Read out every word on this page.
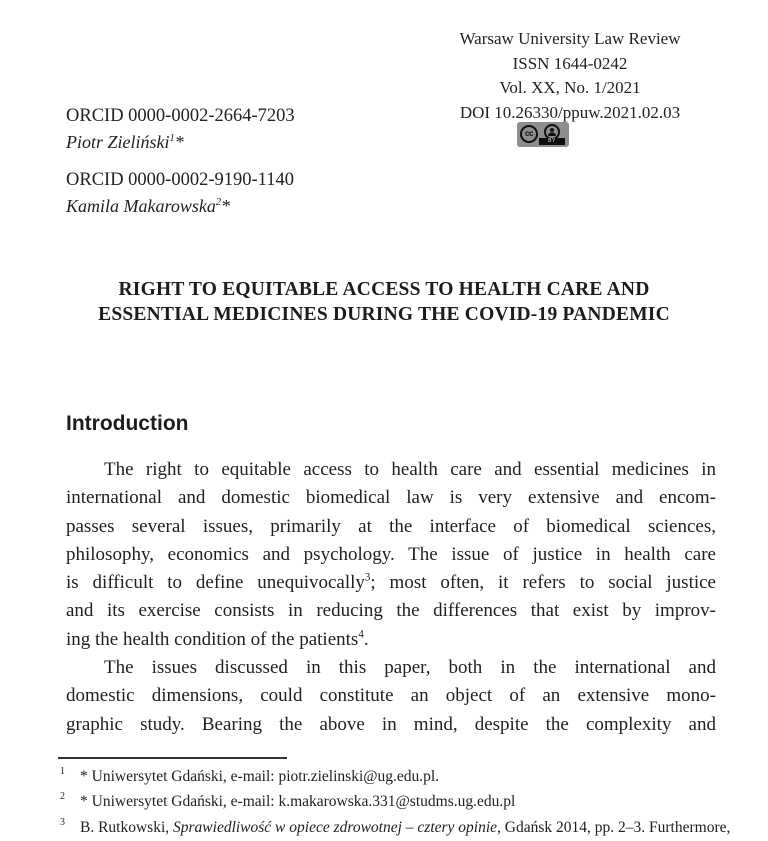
Warsaw University Law Review
ISSN 1644-0242
Vol. XX, No. 1/2021
DOI 10.26330/ppuw.2021.02.03
cc
BY
ORCID 0000-0002-2664-7203
Piotr Zieliński$^1$*
ORCID 0000-0002-9190-1140
Kamila Makarowska$^2$*
RIGHT TO EQUITABLE ACCESS TO HEALTH CARE AND
ESSENTIAL MEDICINES DURING THE COVID-19 PANDEMIC
Introduction
The right to equitable access to health care and essential medicines in
international and domestic biomedical law is very extensive and encom-
passes several issues, primarily at the interface of biomedical sciences,
philosophy, economics and psychology. The issue of justice in health care
is difficult to define unequivocally$^3$; most often, it refers to social justice
and its exercise consists in reducing the differences that exist by improv-
ing the health condition of the patients$^4$.
The issues discussed in this paper, both in the international and
domestic dimensions, could constitute an object of an extensive mono-
graphic study. Bearing the above in mind, despite the complexity and
1 * Uniwersytet Gdański, e-mail: piotr.zielinski@ug.edu.pl.
2 * Uniwersytet Gdański, e-mail: k.makarowska.331@studms.ug.edu.pl
3 B. Rutkowski, Sprawiedliwość w opiece zdrowotnej – cztery opinie, Gdańsk 2014, pp. 2–3. Furthermore,
